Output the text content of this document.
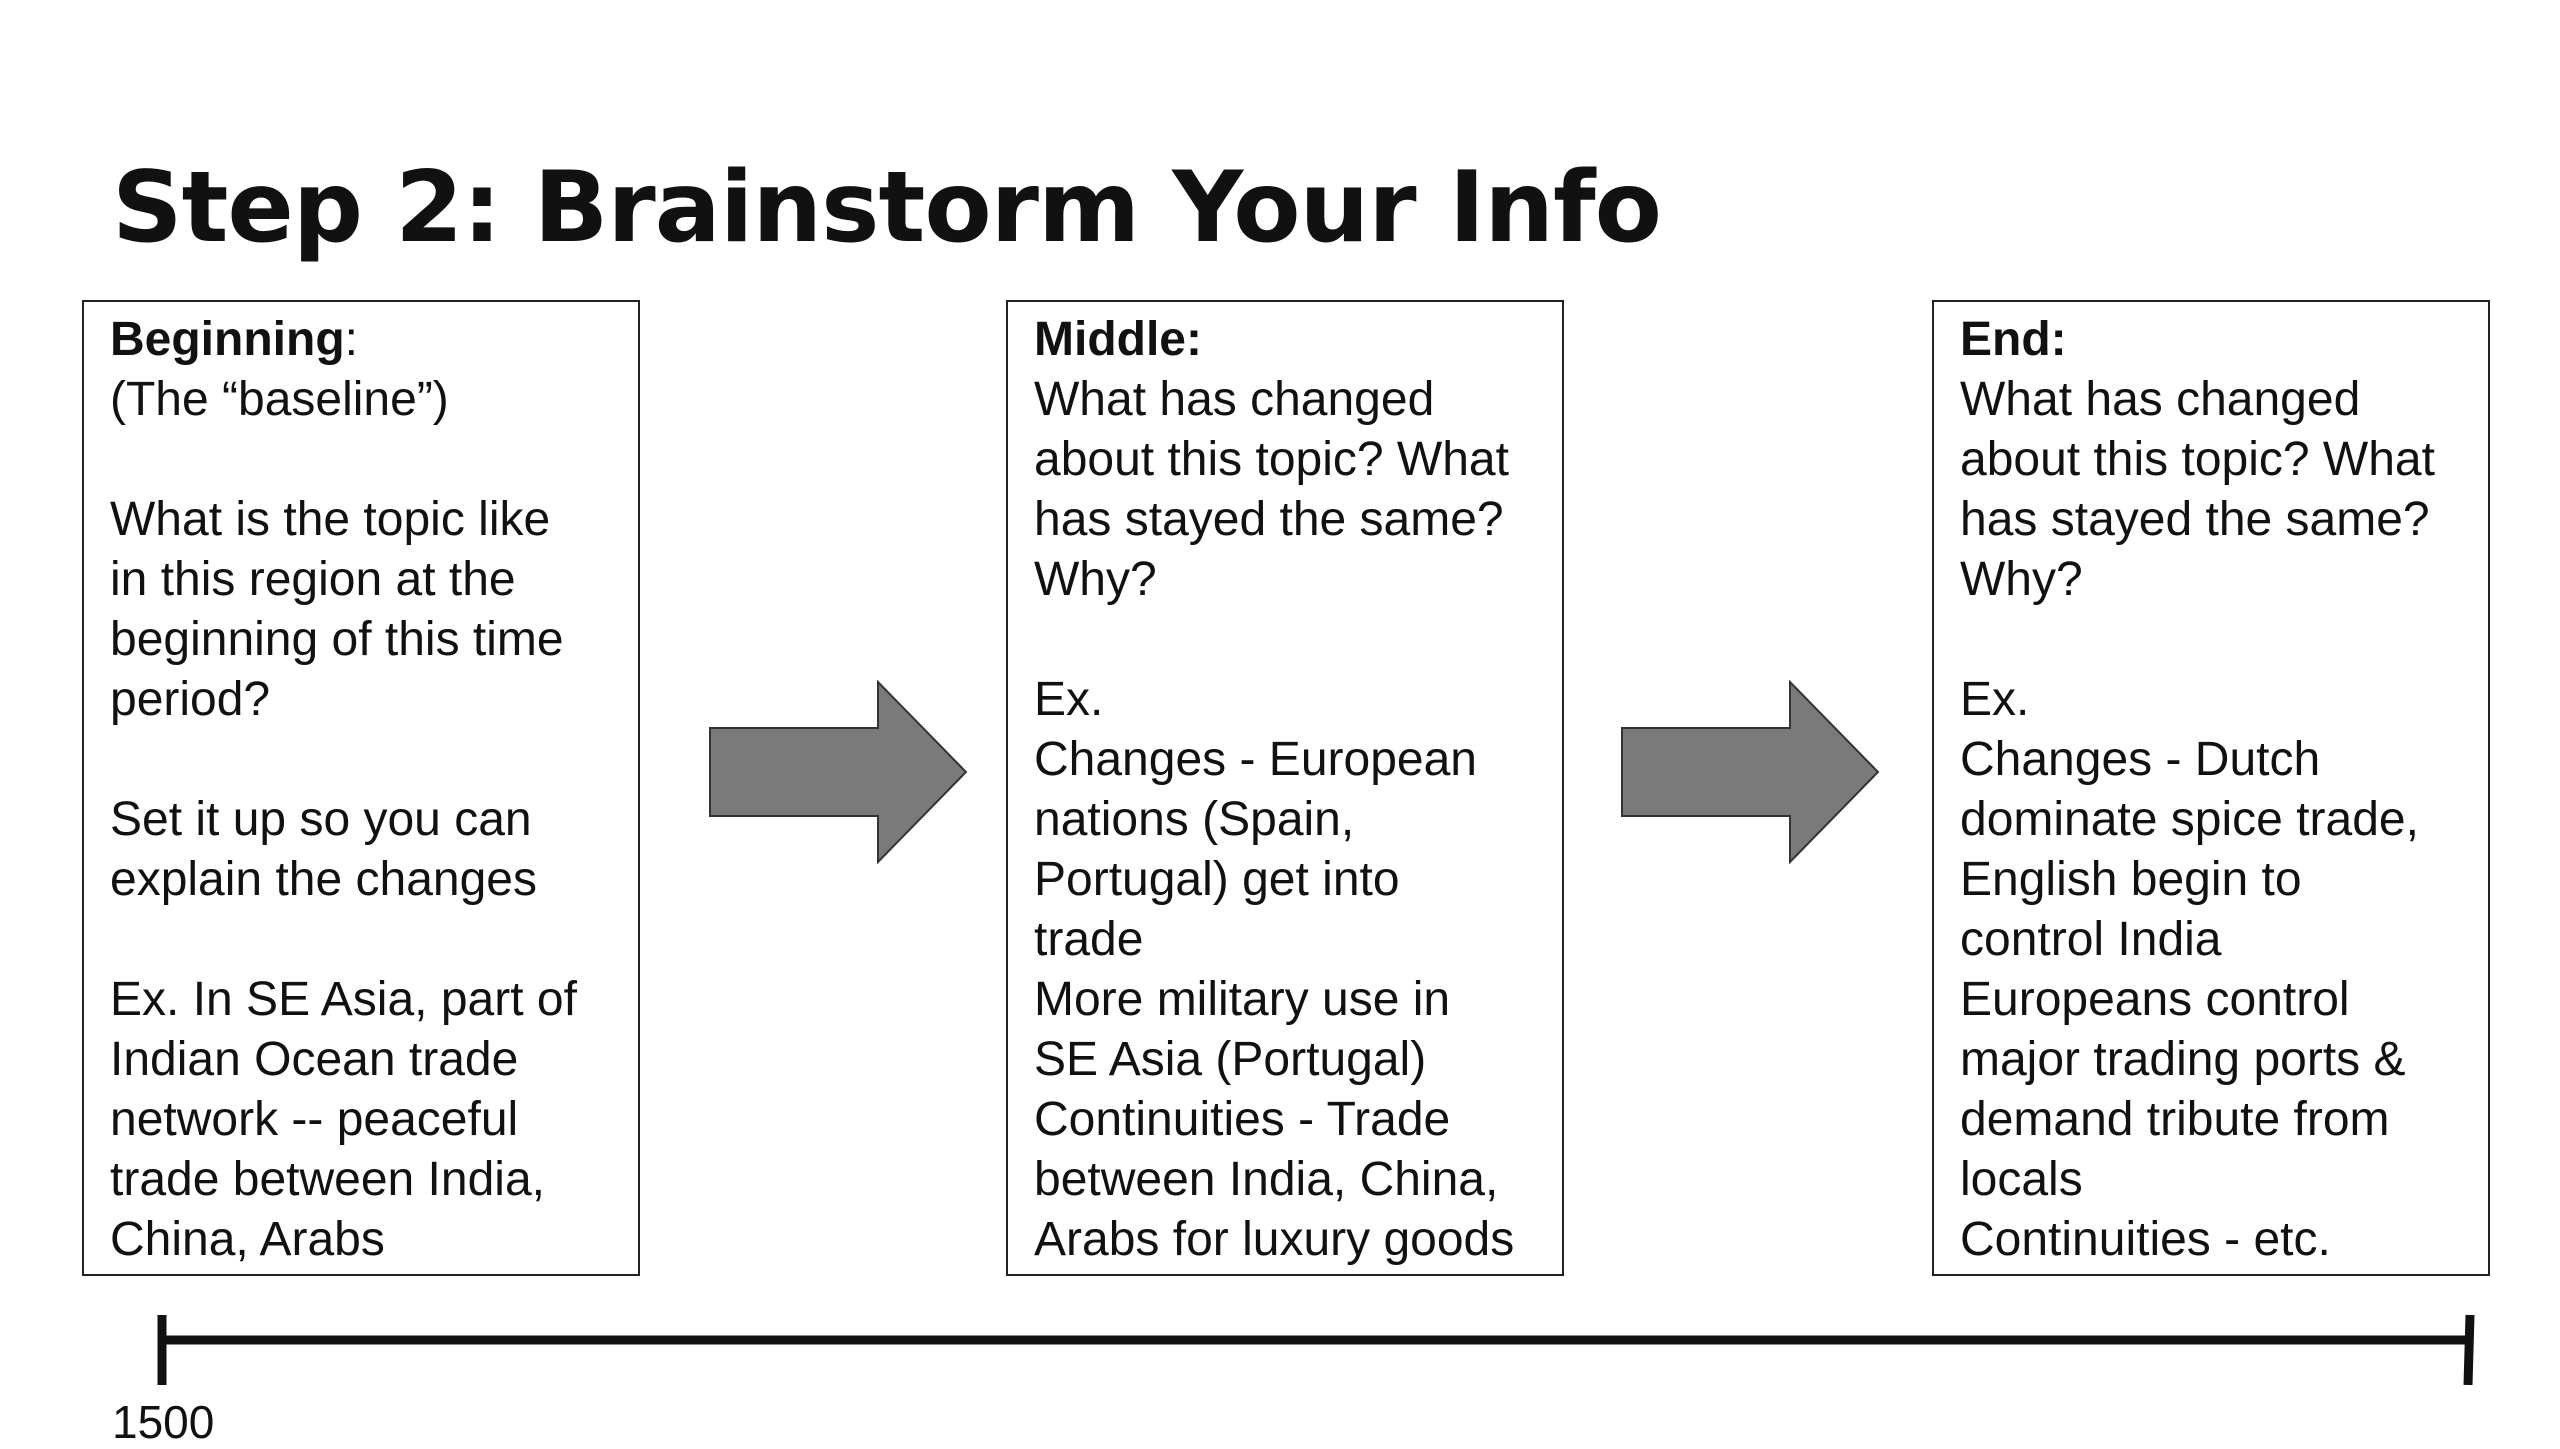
Step 2: Brainstorm Your Info

Beginning:

(The “baseline”)

What is the topic like

in this region at the

beginning of this time

period?

Set it up so you can

explain the changes

Ex. In SE Asia, part of

Indian Ocean trade

network -- peaceful

trade between India,

China, Arabs

Middle:

What has changed

about this topic? What

has stayed the same?

Why?

Ex.

Changes - European

nations (Spain,

Portugal) get into

trade

More military use in

SE Asia (Portugal)

Continuities - Trade

between India, China,

Arabs for luxury goods

End:

What has changed

about this topic? What

has stayed the same?

Why?

Ex.

Changes - Dutch

dominate spice trade,

English begin to

control India

Europeans control

major trading ports &

demand tribute from

locals

Continuities - etc.

1500
